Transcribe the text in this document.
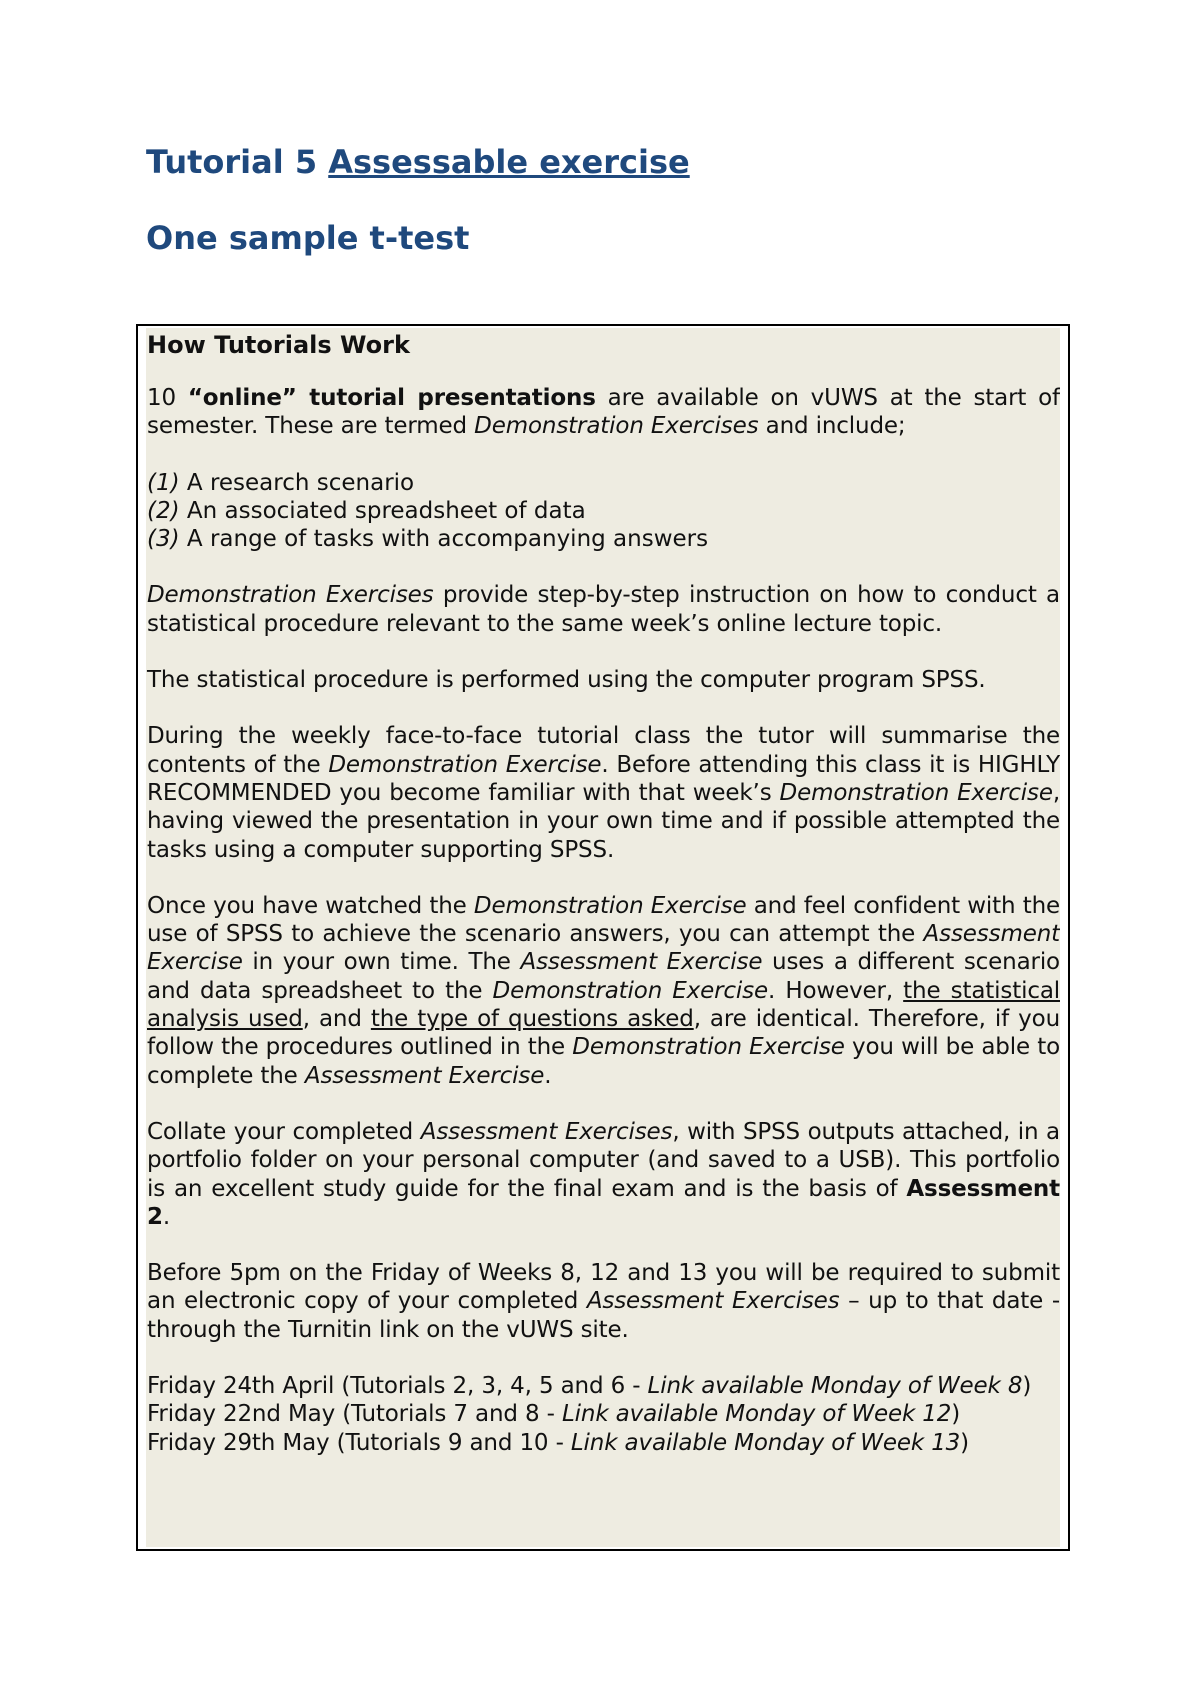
Tutorial 5 Assessable exercise
One sample t-test
How Tutorials Work

10 “online” tutorial presentations are available on vUWS at the start of semester. These are termed Demonstration Exercises and include;

(1) A research scenario
(2) An associated spreadsheet of data
(3) A range of tasks with accompanying answers

Demonstration Exercises provide step-by-step instruction on how to conduct a statistical procedure relevant to the same week’s online lecture topic.

The statistical procedure is performed using the computer program SPSS.

During the weekly face-to-face tutorial class the tutor will summarise the contents of the Demonstration Exercise. Before attending this class it is HIGHLY RECOMMENDED you become familiar with that week’s Demonstration Exercise, having viewed the presentation in your own time and if possible attempted the tasks using a computer supporting SPSS.

Once you have watched the Demonstration Exercise and feel confident with the use of SPSS to achieve the scenario answers, you can attempt the Assessment Exercise in your own time. The Assessment Exercise uses a different scenario and data spreadsheet to the Demonstration Exercise. However, the statistical analysis used, and the type of questions asked, are identical. Therefore, if you follow the procedures outlined in the Demonstration Exercise you will be able to complete the Assessment Exercise.

Collate your completed Assessment Exercises, with SPSS outputs attached, in a portfolio folder on your personal computer (and saved to a USB). This portfolio is an excellent study guide for the final exam and is the basis of Assessment 2.

Before 5pm on the Friday of Weeks 8, 12 and 13 you will be required to submit an electronic copy of your completed Assessment Exercises – up to that date - through the Turnitin link on the vUWS site.

Friday 24th April (Tutorials 2, 3, 4, 5 and 6 - Link available Monday of Week 8)

Friday 22nd May (Tutorials 7 and 8 - Link available Monday of Week 12)

Friday 29th May (Tutorials 9 and 10 - Link available Monday of Week 13)
